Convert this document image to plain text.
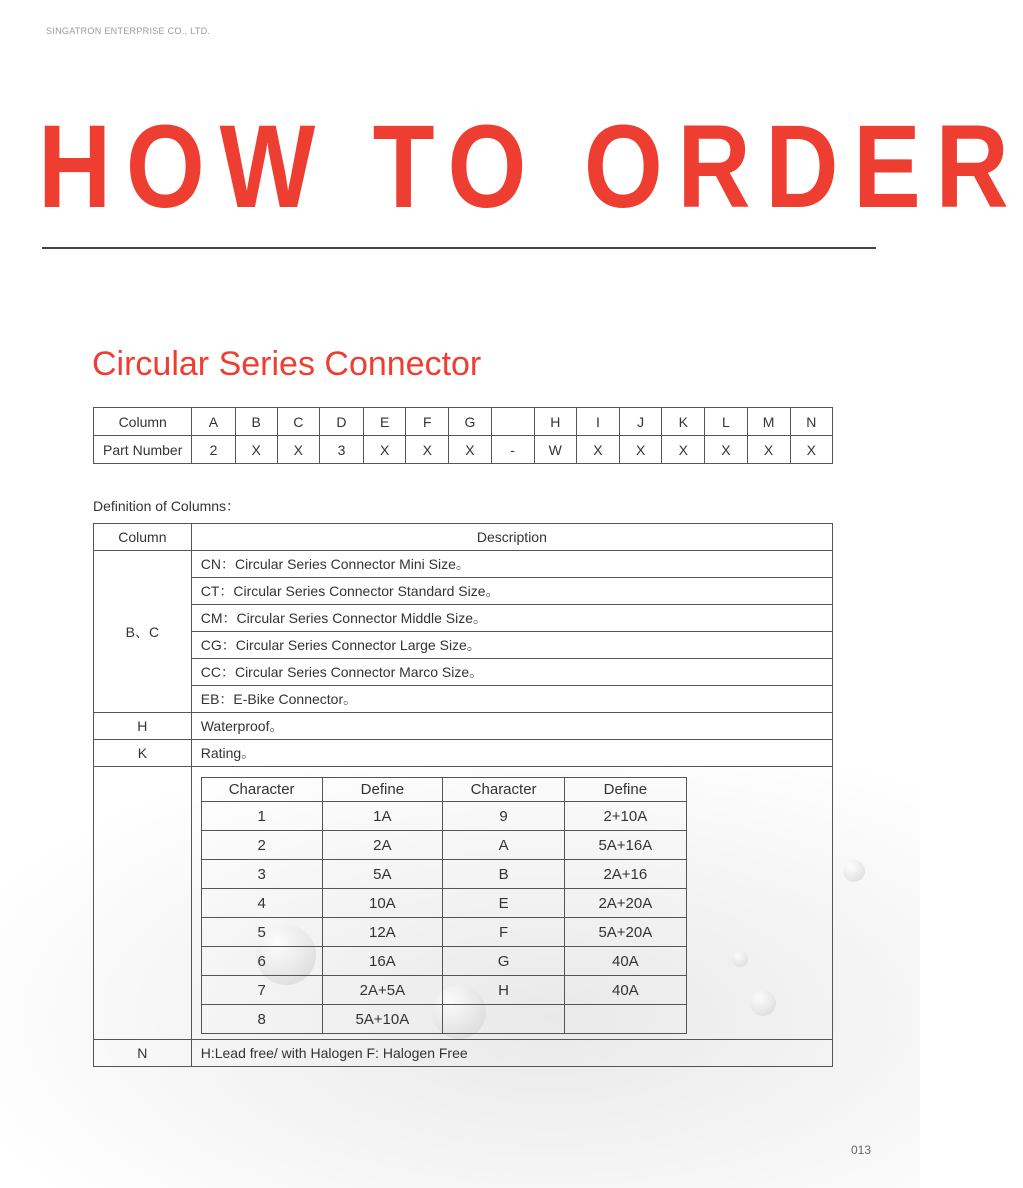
SINGATRON ENTERPRISE CO., LTD.
HOW TO ORDER
Circular Series Connector
Column	A	B	C	D	E	F	G		H	I	J	K	L	M	N
Part Number	2	X	X	3	X	X	X	-	W	X	X	X	X	X	X
Definition of Columns：
Column	Description
B、C	CN：Circular Series Connector Mini Size。
CT：Circular Series Connector Standard Size。
CM：Circular Series Connector Middle Size。
CG：Circular Series Connector Large Size。
CC：Circular Series Connector Marco Size。
EB：E-Bike Connector。
H	Waterproof。
K	Rating。

Character	Define	Character	Define
1	1A	9	2+10A
2	2A	A	5A+16A
3	5A	B	2A+16
4	10A	E	2A+20A
5	12A	F	5A+20A
6	16A	G	40A
7	2A+5A	H	40A
8	5A+10A		

N	H:Lead free/ with Halogen F: Halogen Free
013
